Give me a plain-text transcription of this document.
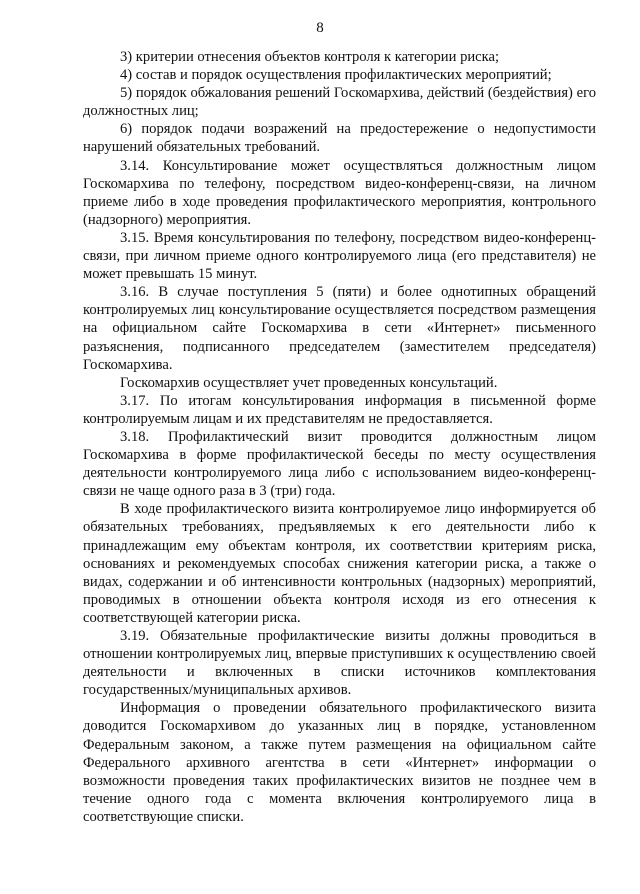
8

3) критерии отнесения объектов контроля к категории риска;

4) состав и порядок осуществления профилактических мероприятий;

5) порядок обжалования решений Госкомархива, действий (бездействия) его должностных лиц;

6) порядок подачи возражений на предостережение о недопустимости нарушений обязательных требований.

3.14. Консультирование может осуществляться должностным лицом Госкомархива по телефону, посредством видео-конференц-связи, на личном приеме либо в ходе проведения профилактического мероприятия, контрольного (надзорного) мероприятия.

3.15. Время консультирования по телефону, посредством видео-конференц-связи, при личном приеме одного контролируемого лица (его представителя) не может превышать 15 минут.

3.16. В случае поступления 5 (пяти) и более однотипных обращений контролируемых лиц консультирование осуществляется посредством размещения на официальном сайте Госкомархива в сети «Интернет» письменного разъяснения, подписанного председателем (заместителем председателя) Госкомархива.

Госкомархив осуществляет учет проведенных консультаций.

3.17. По итогам консультирования информация в письменной форме контролируемым лицам и их представителям не предоставляется.

3.18. Профилактический визит проводится должностным лицом Госкомархива в форме профилактической беседы по месту осуществления деятельности контролируемого лица либо с использованием видео-конференц-связи не чаще одного раза в 3 (три) года.

В ходе профилактического визита контролируемое лицо информируется об обязательных требованиях, предъявляемых к его деятельности либо к принадлежащим ему объектам контроля, их соответствии критериям риска, основаниях и рекомендуемых способах снижения категории риска, а также о видах, содержании и об интенсивности контрольных (надзорных) мероприятий, проводимых в отношении объекта контроля исходя из его отнесения к соответствующей категории риска.

3.19. Обязательные профилактические визиты должны проводиться в отношении контролируемых лиц, впервые приступивших к осуществлению своей деятельности и включенных в списки источников комплектования государственных/муниципальных архивов.

Информация о проведении обязательного профилактического визита доводится Госкомархивом до указанных лиц в порядке, установленном Федеральным законом, а также путем размещения на официальном сайте Федерального архивного агентства в сети «Интернет» информации о возможности проведения таких профилактических визитов не позднее чем в течение одного года с момента включения контролируемого лица в соответствующие списки.
